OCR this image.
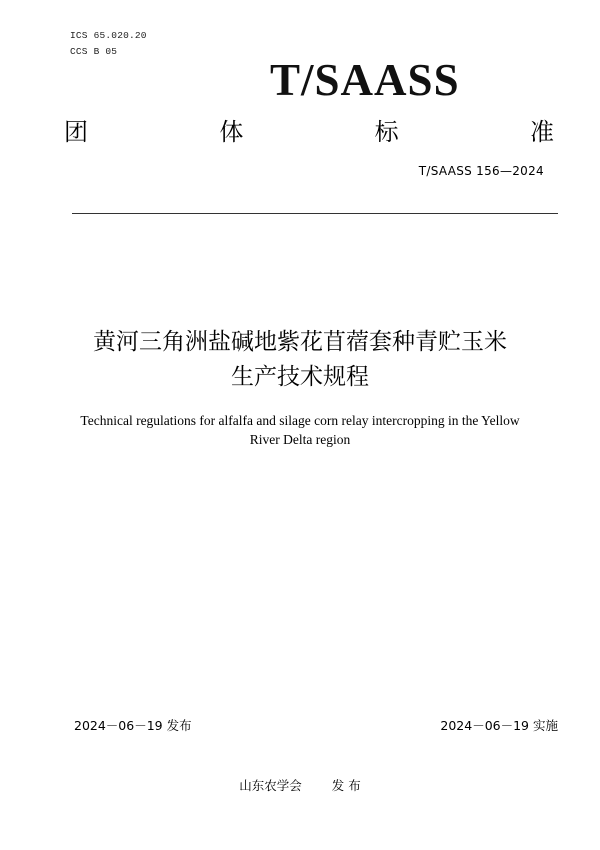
ICS 65.020.20
CCS B 05
T/SAASS
团	体	标	准
T/SAASS 156—2024
黄河三角洲盐碱地紫花苜蓿套种青贮玉米
生产技术规程
Technical regulations for alfalfa and silage corn relay intercropping in the Yellow
River Delta region
2024－06－19 发布	2024－06－19 实施
山东农学会 发 布
